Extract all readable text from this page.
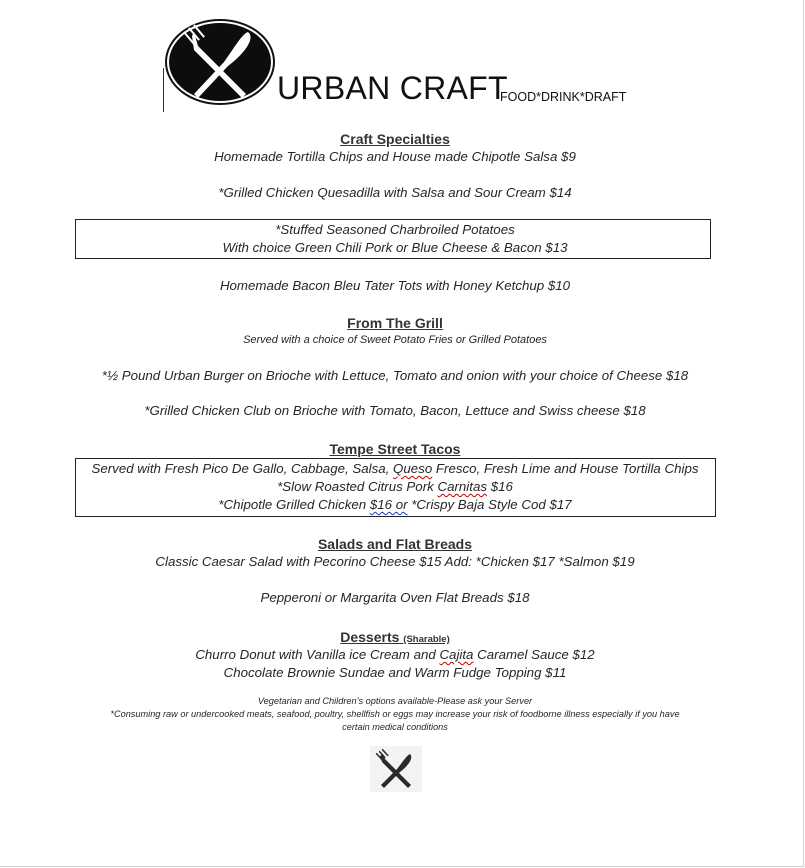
URBAN CRAFT
FOOD*DRINK*DRAFT
Craft Specialties
Homemade Tortilla Chips and House made Chipotle Salsa $9
*Grilled Chicken Quesadilla with Salsa and Sour Cream $14
*Stuffed Seasoned Charbroiled Potatoes
With choice Green Chili Pork or Blue Cheese & Bacon $13
Homemade Bacon Bleu Tater Tots with Honey Ketchup $10
From The Grill
Served with a choice of Sweet Potato Fries or Grilled Potatoes
*½ Pound Urban Burger on Brioche with Lettuce, Tomato and onion with your choice of Cheese $18
*Grilled Chicken Club on Brioche with Tomato, Bacon, Lettuce and Swiss cheese $18
Tempe Street Tacos
Served with Fresh Pico De Gallo, Cabbage, Salsa, Queso Fresco, Fresh Lime and House Tortilla Chips
*Slow Roasted Citrus Pork Carnitas $16
*Chipotle Grilled Chicken $16 or *Crispy Baja Style Cod $17
Salads and Flat Breads
Classic Caesar Salad with Pecorino Cheese $15 Add: *Chicken $17 *Salmon $19
Pepperoni or Margarita Oven Flat Breads $18
Desserts (Sharable)
Churro Donut with Vanilla ice Cream and Cajita Caramel Sauce $12
Chocolate Brownie Sundae and Warm Fudge Topping $11
Vegetarian and Children’s options available-Please ask your Server
*Consuming raw or undercooked meats, seafood, poultry, shellfish or eggs may increase your risk of foodborne illness especially if you have
certain medical conditions
